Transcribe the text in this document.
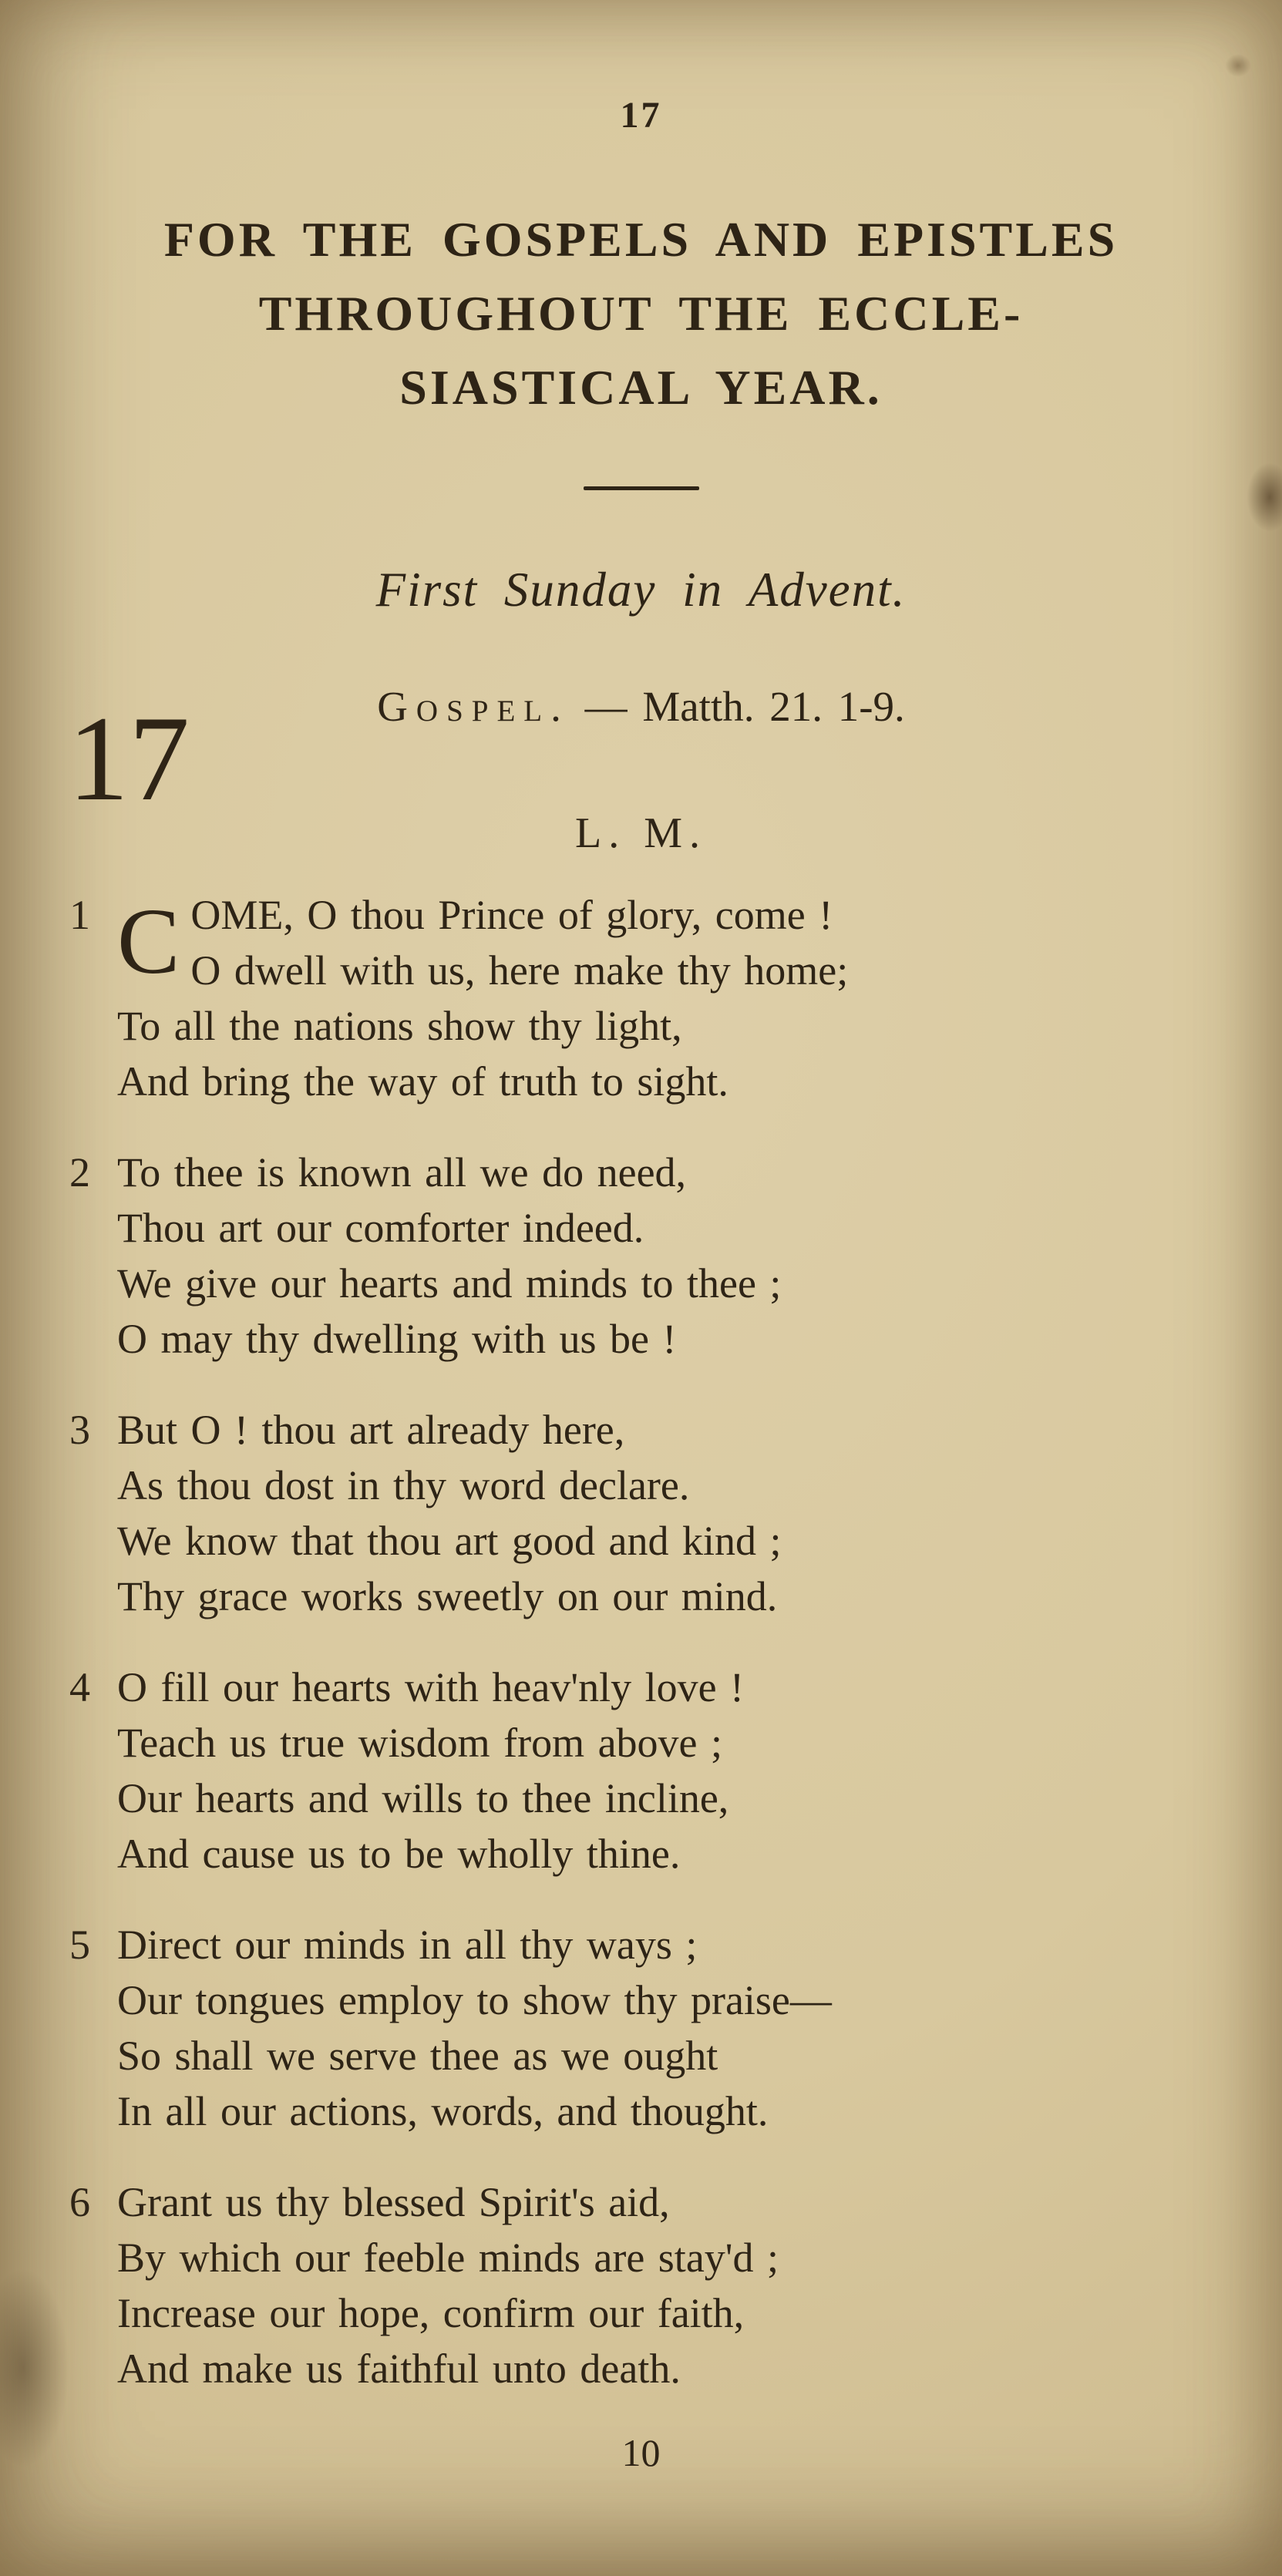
17
FOR THE GOSPELS AND EPISTLES
THROUGHOUT THE ECCLE-
SIASTICAL YEAR.
First Sunday in Advent.
Gospel. — Matth. 21. 1-9.
17
L. M.
1 C OME, O thou Prince of glory, come !
O dwell with us, here make thy home;
To all the nations show thy light,
And bring the way of truth to sight.
2 To thee is known all we do need,
Thou art our comforter indeed.
We give our hearts and minds to thee ;
O may thy dwelling with us be !
3 But O ! thou art already here,
As thou dost in thy word declare.
We know that thou art good and kind ;
Thy grace works sweetly on our mind.
4 O fill our hearts with heav'nly love !
Teach us true wisdom from above ;
Our hearts and wills to thee incline,
And cause us to be wholly thine.
5 Direct our minds in all thy ways ;
Our tongues employ to show thy praise—
So shall we serve thee as we ought
In all our actions, words, and thought.
6 Grant us thy blessed Spirit's aid,
By which our feeble minds are stay'd ;
Increase our hope, confirm our faith,
And make us faithful unto death.
10
